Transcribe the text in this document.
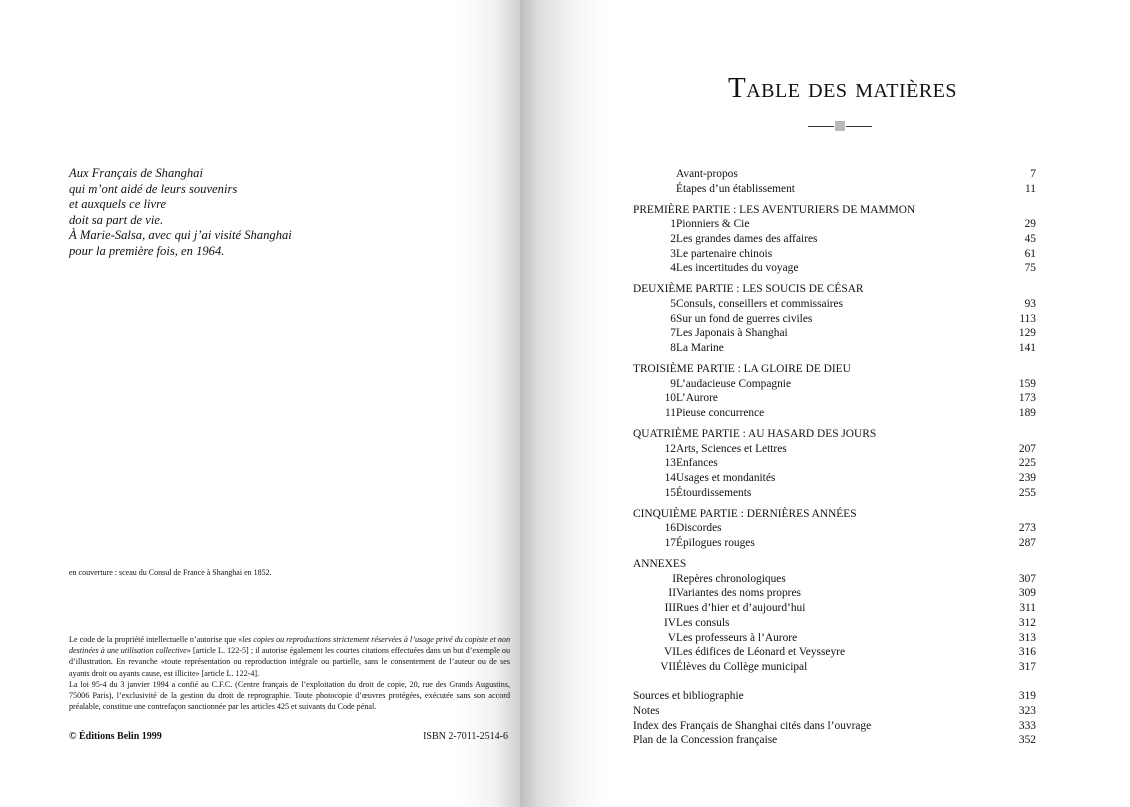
Aux Français de Shanghai
qui m’ont aidé de leurs souvenirs
et auxquels ce livre
doit sa part de vie.
À Marie-Salsa, avec qui j’ai visité Shanghai
pour la première fois, en 1964.
en couverture : sceau du Consul de France à Shanghai en 1852.

Le code de la propriété intellectuelle n’autorise que «les copies ou reproductions strictement réservées à l’usage privé du copiste et non destinées à une utilisation collective» [article L. 122-5] ; il autorise également les courtes citations effectuées dans un but d’exemple ou d’illustration. En revanche «toute représentation ou reproduction intégrale ou partielle, sans le consentement de l’auteur ou de ses ayants droit ou ayants cause, est illicite» [article L. 122-4].

La loi 95-4 du 3 janvier 1994 a confié au C.F.C. (Centre français de l’exploitation du droit de copie, 20, rue des Grands Augustins, 75006 Paris), l’exclusivité de la gestion du droit de reprographie. Toute photocopie d’œuvres protégées, exécutée sans son accord préalable, constitue une contrefaçon sanctionnée par les articles 425 et suivants du Code pénal.

© Éditions Belin 1999	ISBN 2-7011-2514-6
Table des matières
Avant-propos	7
Étapes d’un établissement	11
PREMIÈRE PARTIE : LES AVENTURIERS DE MAMMON
1 Pionniers & Cie	29
2 Les grandes dames des affaires	45
3 Le partenaire chinois	61
4 Les incertitudes du voyage	75
DEUXIÈME PARTIE : LES SOUCIS DE CÉSAR
5 Consuls, conseillers et commissaires	93
6 Sur un fond de guerres civiles	113
7 Les Japonais à Shanghai	129
8 La Marine	141
TROISIÈME PARTIE : LA GLOIRE DE DIEU
9 L’audacieuse Compagnie	159
10 L’Aurore	173
11 Pieuse concurrence	189
QUATRIÈME PARTIE : AU HASARD DES JOURS
12 Arts, Sciences et Lettres	207
13 Enfances	225
14 Usages et mondanités	239
15 Étourdissements	255
CINQUIÈME PARTIE : DERNIÈRES ANNÉES
16 Discordes	273
17 Épilogues rouges	287
ANNEXES
I Repères chronologiques	307
II Variantes des noms propres	309
III Rues d’hier et d’aujourd’hui	311
IV Les consuls	312
V Les professeurs à l’Aurore	313
VI Les édifices de Léonard et Veysseyre	316
VII Élèves du Collège municipal	317
Sources et bibliographie	319
Notes	323
Index des Français de Shanghai cités dans l’ouvrage	333
Plan de la Concession française	352
